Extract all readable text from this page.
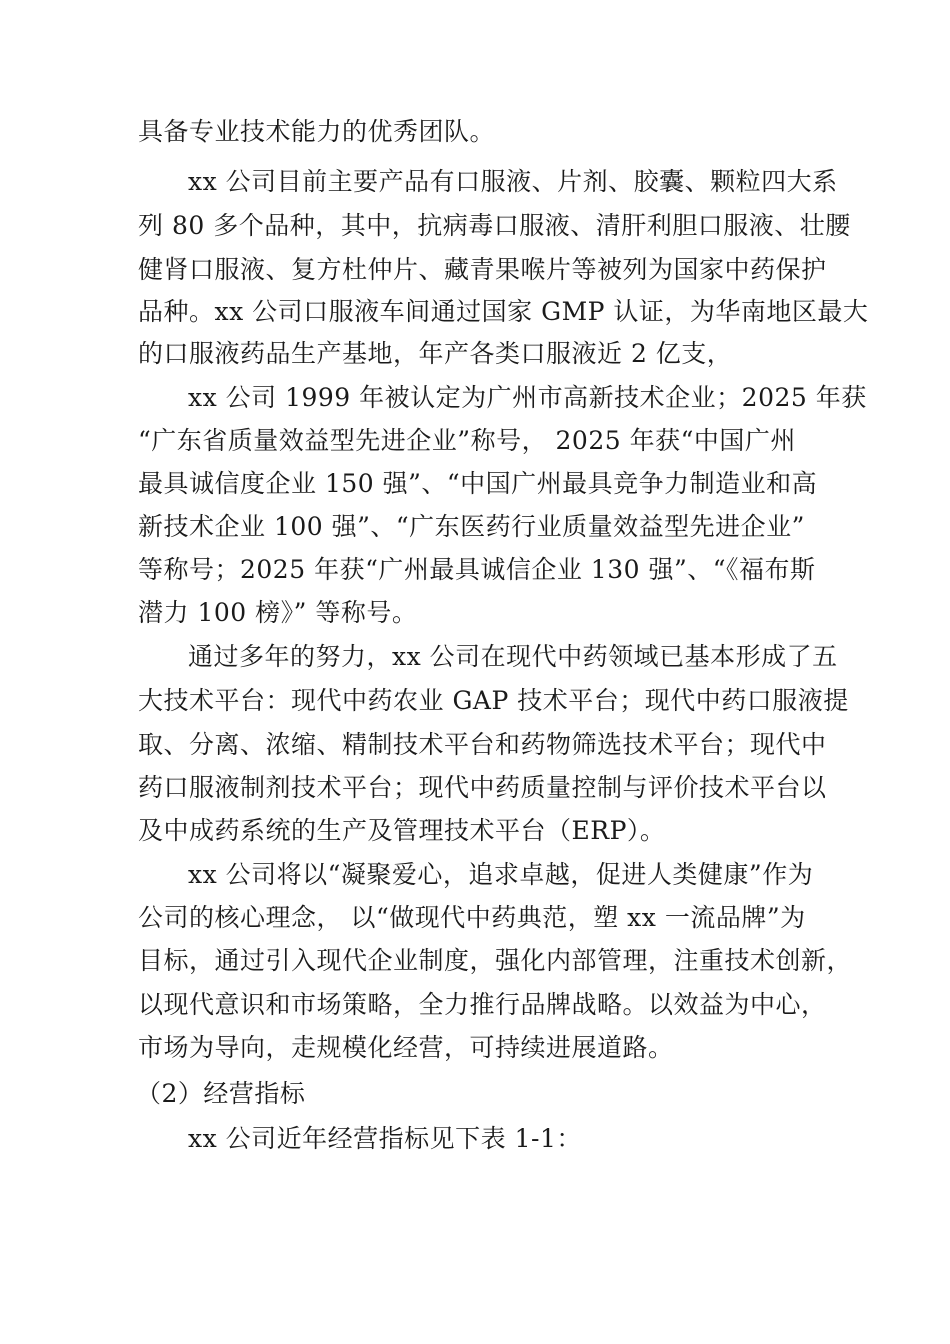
具备专业技术能力的优秀团队。
xx 公司目前主要产品有口服液、片剂、胶囊、颗粒四大系
列 80 多个品种，其中，抗病毒口服液、清肝利胆口服液、壮腰
健肾口服液、复方杜仲片、藏青果喉片等被列为国家中药保护
品种。xx 公司口服液车间通过国家 GMP 认证，为华南地区最大
的口服液药品生产基地，年产各类口服液近 2 亿支，
xx 公司 1999 年被认定为广州市高新技术企业；2025 年获
“广东省质量效益型先进企业”称号， 2025 年获“中国广州
最具诚信度企业 150 强”、“中国广州最具竞争力制造业和高
新技术企业 100 强”、“广东医药行业质量效益型先进企业”
等称号；2025 年获“广州最具诚信企业 130 强”、“《福布斯
潜力 100 榜》” 等称号。
通过多年的努力，xx 公司在现代中药领域已基本形成了五
大技术平台：现代中药农业 GAP 技术平台；现代中药口服液提
取、分离、浓缩、精制技术平台和药物筛选技术平台；现代中
药口服液制剂技术平台；现代中药质量控制与评价技术平台以
及中成药系统的生产及管理技术平台（ERP）。
xx 公司将以“凝聚爱心，追求卓越，促进人类健康”作为
公司的核心理念， 以“做现代中药典范，塑 xx 一流品牌”为
目标，通过引入现代企业制度，强化内部管理，注重技术创新，
以现代意识和市场策略，全力推行品牌战略。以效益为中心，
市场为导向，走规模化经营，可持续进展道路。
（2）经营指标
xx 公司近年经营指标见下表 1-1：
